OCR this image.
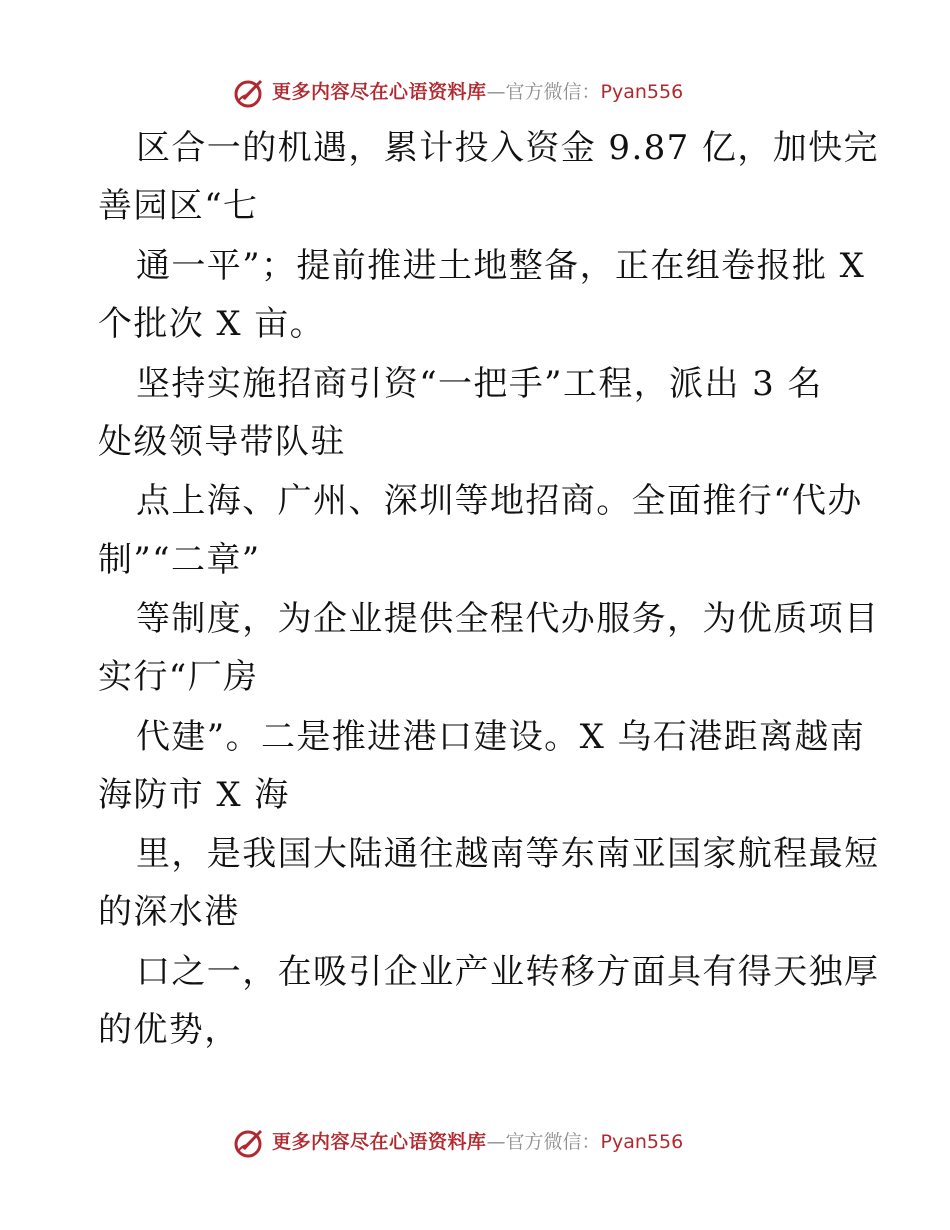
更多内容尽在心语资料库—官方微信：Pyan556
区合一的机遇，累计投入资金 9.87 亿，加快完
善园区“七
通一平”；提前推进土地整备，正在组卷报批 X
个批次 X 亩。
坚持实施招商引资“一把手”工程，派出 3 名
处级领导带队驻
点上海、广州、深圳等地招商。全面推行“代办
制”“二章”
等制度，为企业提供全程代办服务，为优质项目
实行“厂房
代建”。二是推进港口建设。X 乌石港距离越南
海防市 X 海
里，是我国大陆通往越南等东南亚国家航程最短
的深水港
口之一，在吸引企业产业转移方面具有得天独厚
的优势，
更多内容尽在心语资料库—官方微信：Pyan556
